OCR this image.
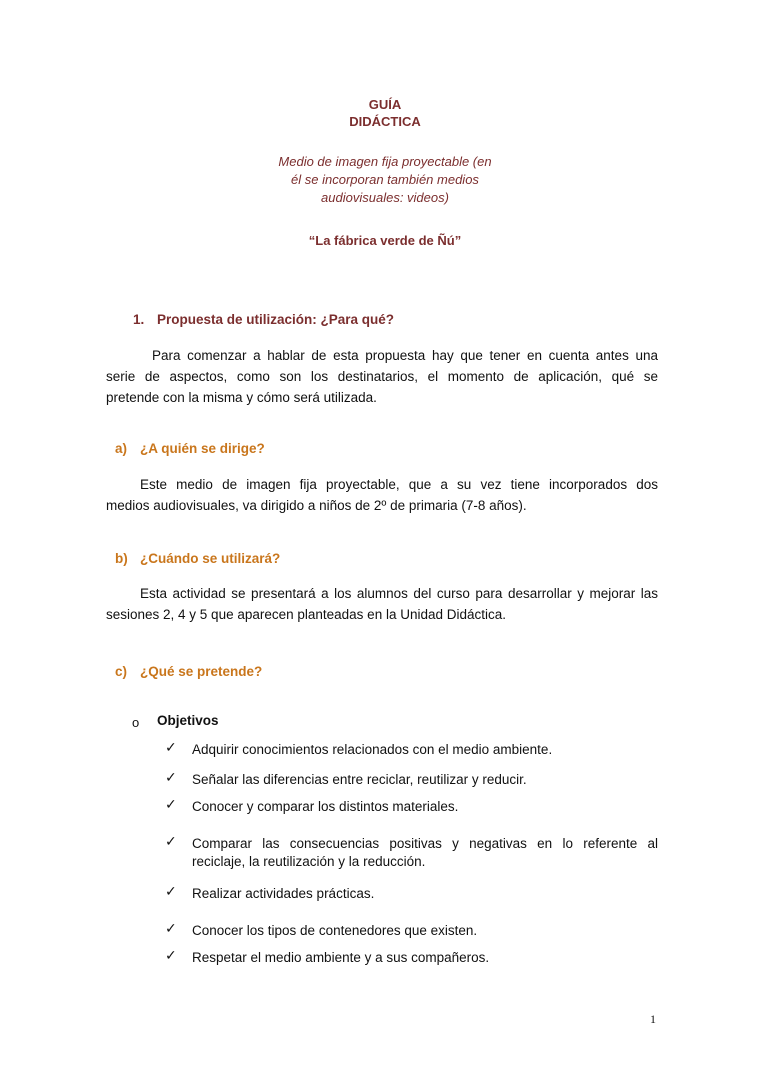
GUÍA
DIDÁCTICA
Medio de imagen fija proyectable (en
él se incorporan también medios
audiovisuales: videos)
“La fábrica verde de Ñú”
1. Propuesta de utilización: ¿Para qué?
Para comenzar a hablar de esta propuesta hay que tener en cuenta antes una
serie de aspectos, como son los destinatarios, el momento de aplicación, qué se
pretende con la misma y cómo será utilizada.
a) ¿A quién se dirige?
Este medio de imagen fija proyectable, que a su vez tiene incorporados dos
medios audiovisuales, va dirigido a niños de 2º de primaria (7-8 años).
b) ¿Cuándo se utilizará?
Esta actividad se presentará a los alumnos del curso para desarrollar y mejorar las
sesiones 2, 4 y 5 que aparecen planteadas en la Unidad Didáctica.
c) ¿Qué se pretende?
o Objetivos
✓ Adquirir conocimientos relacionados con el medio ambiente.
✓ Señalar las diferencias entre reciclar, reutilizar y reducir.
✓ Conocer y comparar los distintos materiales.
✓ Comparar las consecuencias positivas y negativas en lo referente al
reciclaje, la reutilización y la reducción.
✓ Realizar actividades prácticas.
✓ Conocer los tipos de contenedores que existen.
✓ Respetar el medio ambiente y a sus compañeros.
1
